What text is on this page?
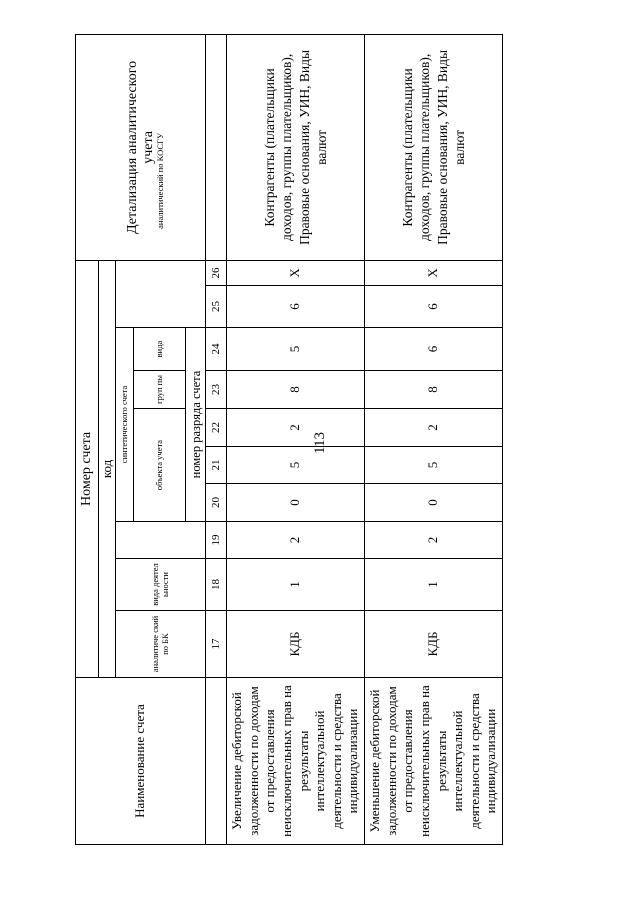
113
Наименование счета	Номер счета										Детализация аналитического учета
	код										
	аналитиче ский по БК	вида деятел ьности		синтетического счета					аналитический по КОСГУ		
				объекта учета			груп пы	вида			
				номер разряда счета							

	17	18	19	20	21	22	23	24	25	26	
Увеличение дебиторской задолженности по доходам от предоставления неисключительных прав на результаты интеллектуальной деятельности и средства индивидуализации	КДБ	1	2	0	5	2	8	5	6	Х	Контрагенты (плательщики доходов, группы плательщиков), Правовые основания, УИН, Виды валют
Уменьшение дебиторской задолженности по доходам от предоставления неисключительных прав на результаты интеллектуальной деятельности и средства индивидуализации	КДБ	1	2	0	5	2	8	6	6	Х	Контрагенты (плательщики доходов, группы плательщиков), Правовые основания, УИН, Виды валют
